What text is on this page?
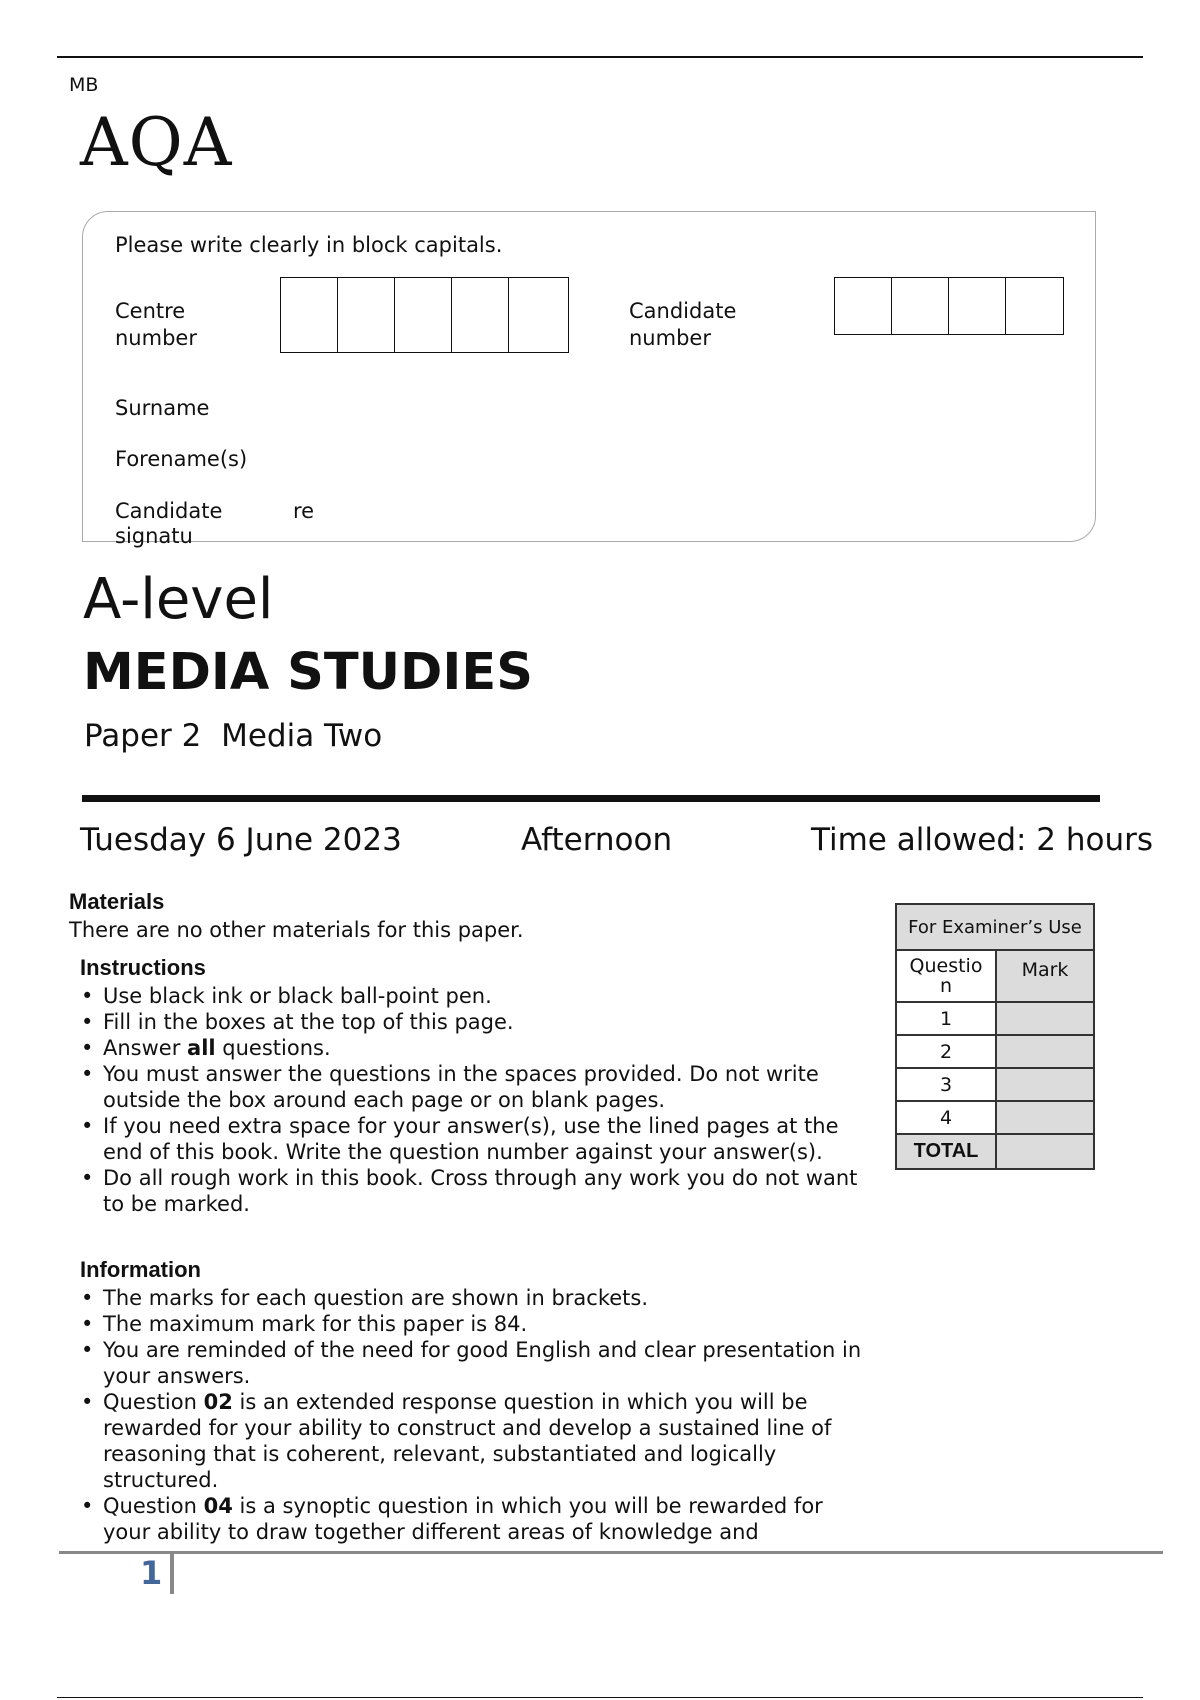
MB
AQA
Please write clearly in block capitals.
Centre
number
Candidate
number
Surname
Forename(s)
Candidate	re
signatu
A-level
MEDIA STUDIES
Paper 2 Media Two
Tuesday 6 June 2023	Afternoon	Time allowed: 2 hours
Materials
There are no other materials for this paper.
Instructions
• Use black ink or black ball-point pen.
• Fill in the boxes at the top of this page.
• Answer all questions.
• You must answer the questions in the spaces provided. Do not write outside the box around each page or on blank pages.
• If you need extra space for your answer(s), use the lined pages at the end of this book. Write the question number against your answer(s).
• Do all rough work in this book. Cross through any work you do not want to be marked.
Information
• The marks for each question are shown in brackets.
• The maximum mark for this paper is 84.
• You are reminded of the need for good English and clear presentation in your answers.
• Question 02 is an extended response question in which you will be rewarded for your ability to construct and develop a sustained line of reasoning that is coherent, relevant, substantiated and logically structured.
• Question 04 is a synoptic question in which you will be rewarded for your ability to draw together different areas of knowledge and
For Examiner’s Use	

Questio
n	Mark
1	
2	
3	
4	
TOTAL	
1
